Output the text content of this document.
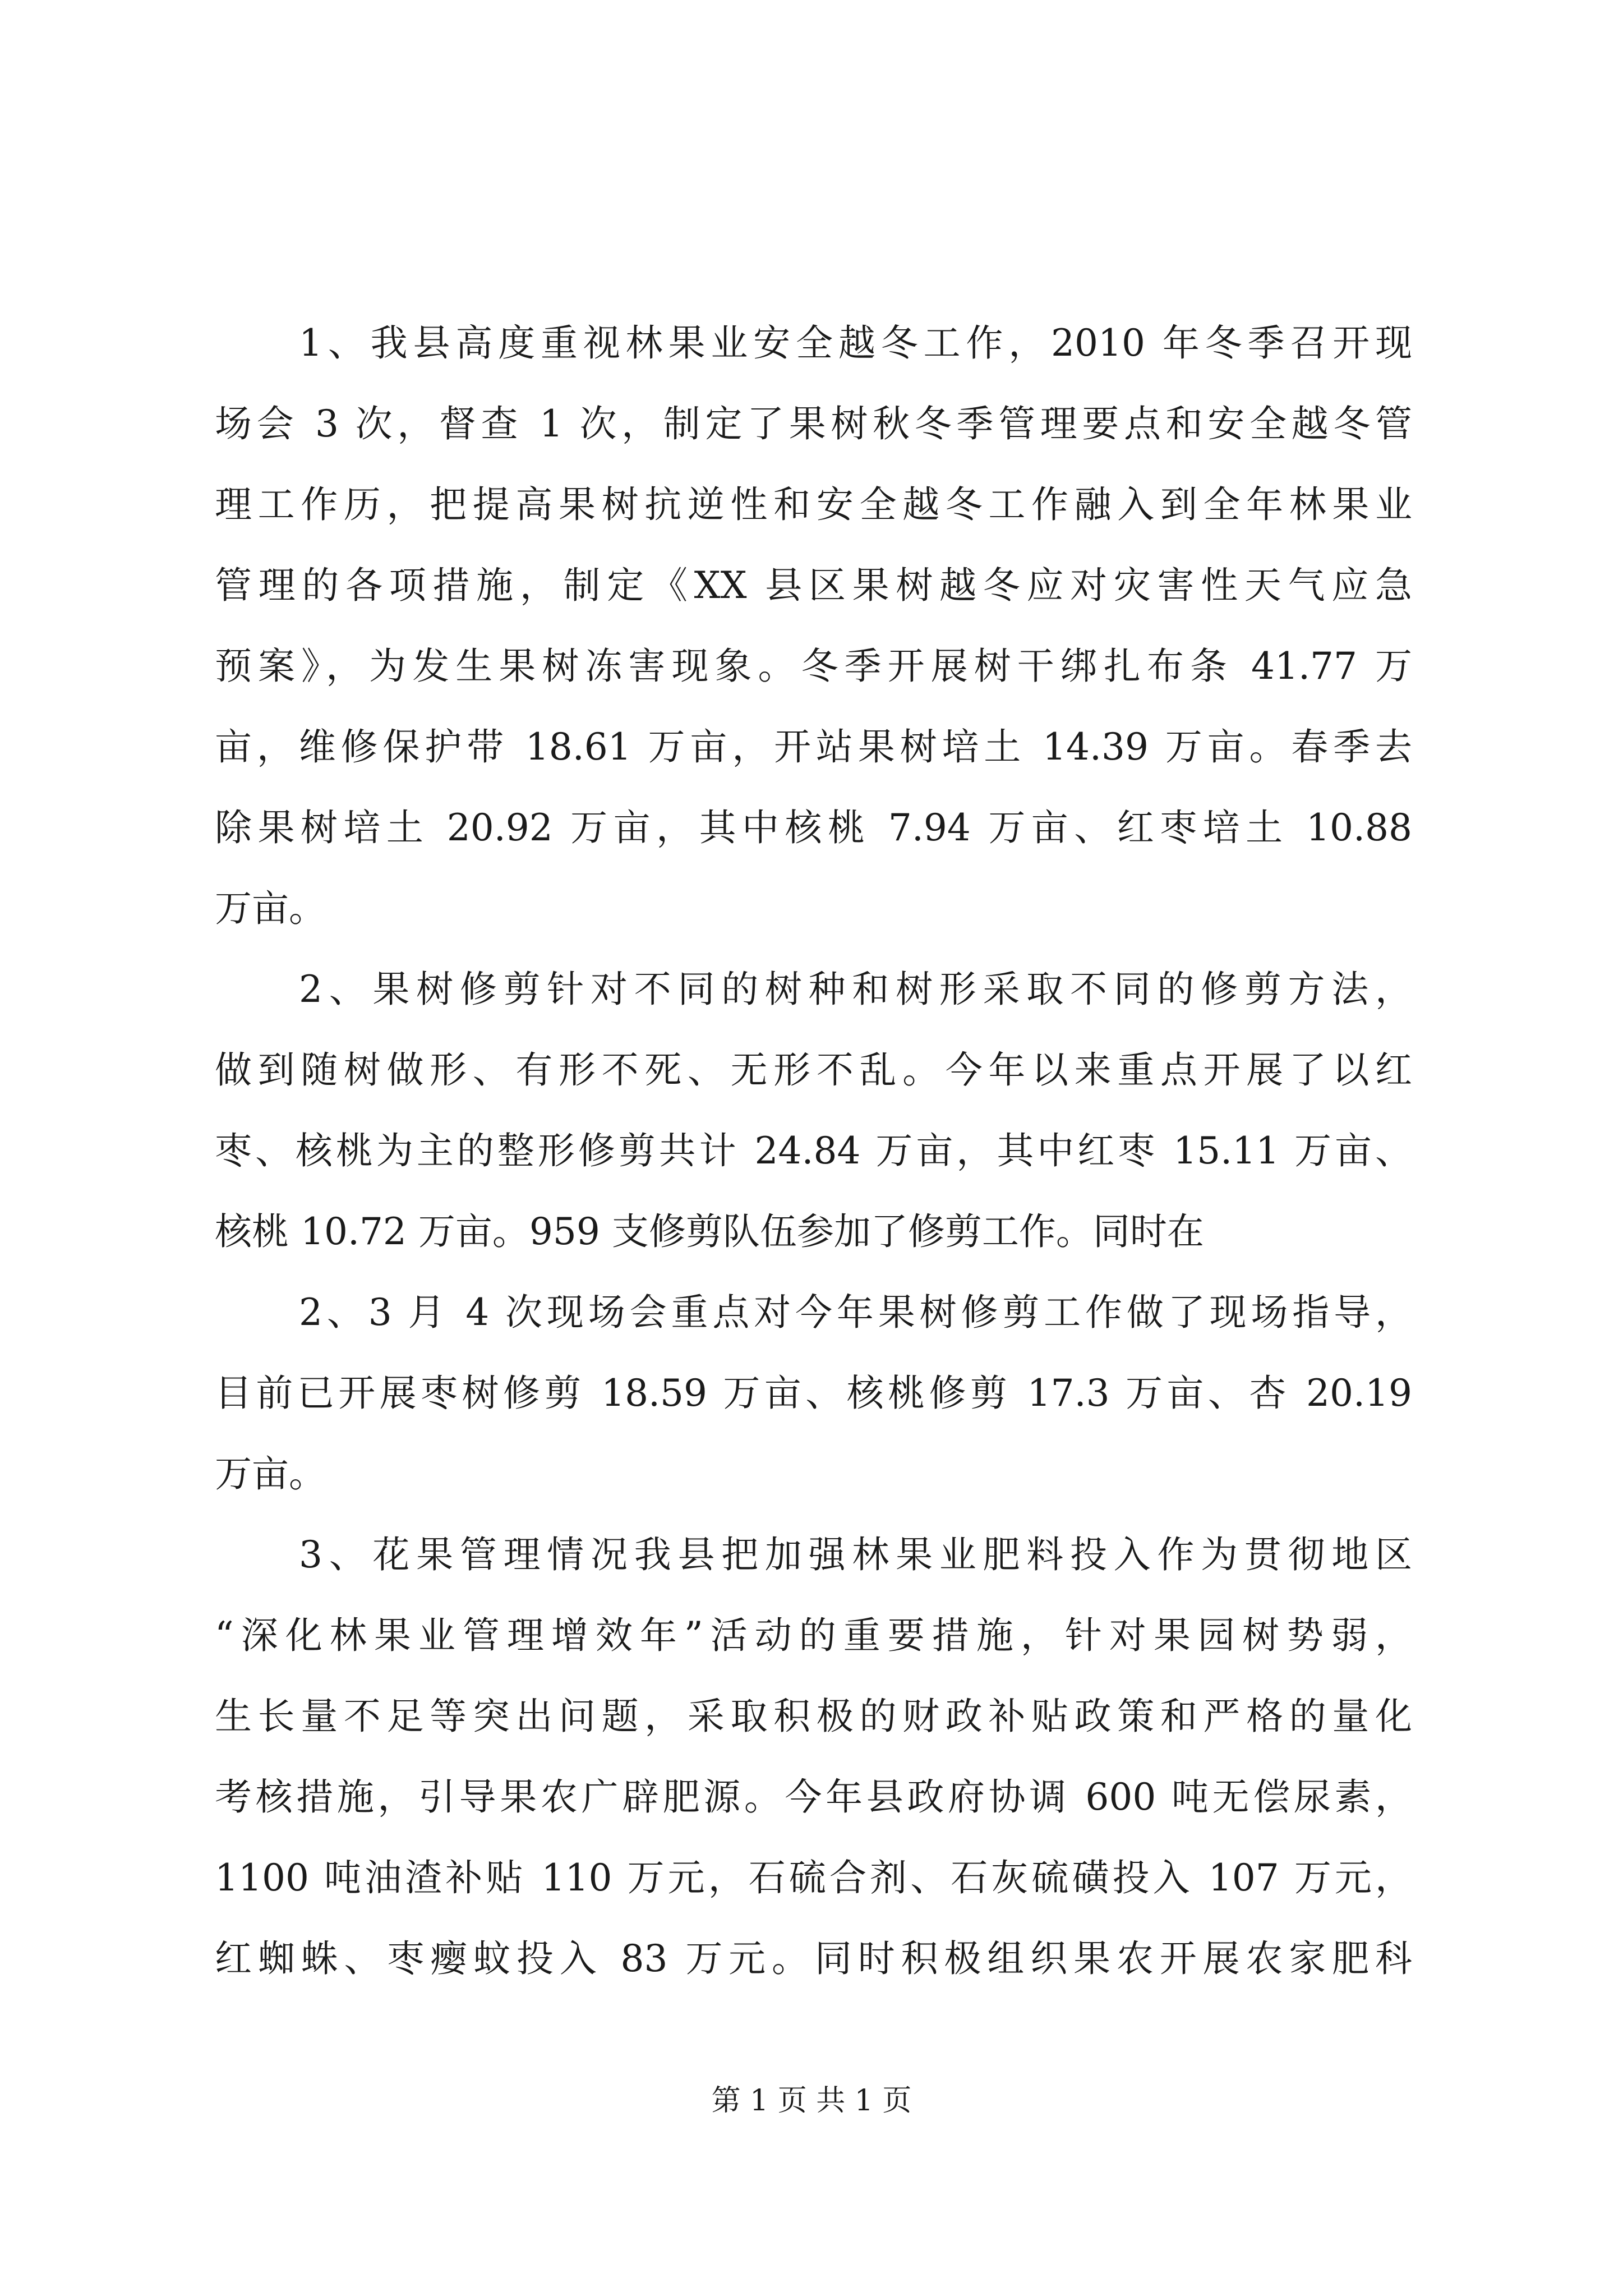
1、我县高度重视林果业安全越冬工作，2010 年冬季召开现
场会 3 次，督查 1 次，制定了果树秋冬季管理要点和安全越冬管
理工作历，把提高果树抗逆性和安全越冬工作融入到全年林果业
管理的各项措施，制定《XX 县区果树越冬应对灾害性天气应急
预案》，为发生果树冻害现象。冬季开展树干绑扎布条 41.77 万
亩，维修保护带 18.61 万亩，开站果树培土 14.39 万亩。春季去
除果树培土 20.92 万亩，其中核桃 7.94 万亩、红枣培土 10.88
万亩。
2、果树修剪针对不同的树种和树形采取不同的修剪方法，
做到随树做形、有形不死、无形不乱。今年以来重点开展了以红
枣、核桃为主的整形修剪共计 24.84 万亩，其中红枣 15.11 万亩、
核桃 10.72 万亩。959 支修剪队伍参加了修剪工作。同时在
2、3 月 4 次现场会重点对今年果树修剪工作做了现场指导，
目前已开展枣树修剪 18.59 万亩、核桃修剪 17.3 万亩、杏 20.19
万亩。
3、花果管理情况我县把加强林果业肥料投入作为贯彻地区
“深化林果业管理增效年”活动的重要措施，针对果园树势弱，
生长量不足等突出问题，采取积极的财政补贴政策和严格的量化
考核措施，引导果农广辟肥源。今年县政府协调 600 吨无偿尿素，
1100 吨油渣补贴 110 万元，石硫合剂、石灰硫磺投入 107 万元，
红蜘蛛、枣瘿蚊投入 83 万元。同时积极组织果农开展农家肥科
第 1 页 共 1 页
